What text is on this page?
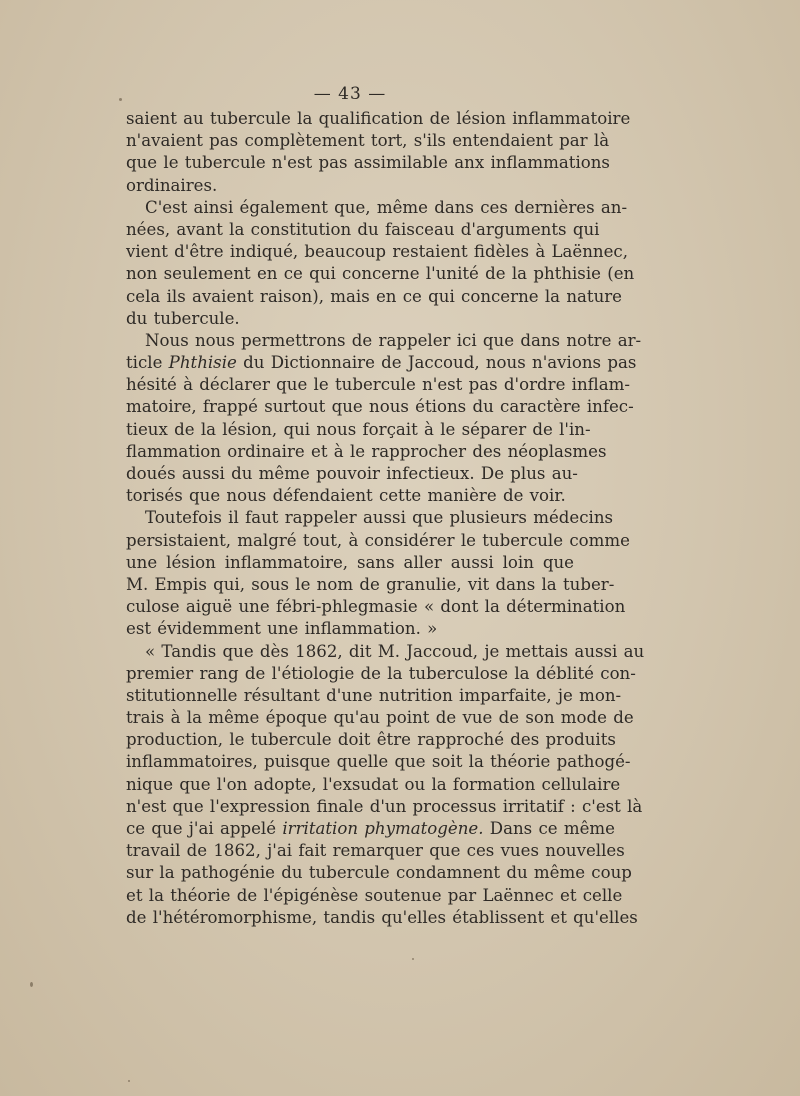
— 43 —
saient au tubercule la qualification de lésion inflammatoire
n'avaient pas complètement tort, s'ils entendaient par là
que le tubercule n'est pas assimilable anx inflammations
ordinaires.
C'est ainsi également que, même dans ces dernières an-
nées, avant la constitution du faisceau d'arguments qui
vient d'être indiqué, beaucoup restaient fidèles à Laënnec,
non seulement en ce qui concerne l'unité de la phthisie (en
cela ils avaient raison), mais en ce qui concerne la nature
du tubercule.
Nous nous permettrons de rappeler ici que dans notre ar-
ticle Phthisie du Dictionnaire de Jaccoud, nous n'avions pas
hésité à déclarer que le tubercule n'est pas d'ordre inflam-
matoire, frappé surtout que nous étions du caractère infec-
tieux de la lésion, qui nous forçait à le séparer de l'in-
flammation ordinaire et à le rapprocher des néoplasmes
doués aussi du même pouvoir infectieux. De plus au-
torisés que nous défendaient cette manière de voir.
Toutefois il faut rappeler aussi que plusieurs médecins
persistaient, malgré tout, à considérer le tubercule comme
une lésion inflammatoire, sans aller aussi loin que
M. Empis qui, sous le nom de granulie, vit dans la tuber-
culose aiguë une fébri-phlegmasie « dont la détermination
est évidemment une inflammation. »
« Tandis que dès 1862, dit M. Jaccoud, je mettais aussi au
premier rang de l'étiologie de la tuberculose la déblité con-
stitutionnelle résultant d'une nutrition imparfaite, je mon-
trais à la même époque qu'au point de vue de son mode de
production, le tubercule doit être rapproché des produits
inflammatoires, puisque quelle que soit la théorie pathogé-
nique que l'on adopte, l'exsudat ou la formation cellulaire
n'est que l'expression finale d'un processus irritatif : c'est là
ce que j'ai appelé irritation phymatogène. Dans ce même
travail de 1862, j'ai fait remarquer que ces vues nouvelles
sur la pathogénie du tubercule condamnent du même coup
et la théorie de l'épigénèse soutenue par Laënnec et celle
de l'hétéromorphisme, tandis qu'elles établissent et qu'elles
